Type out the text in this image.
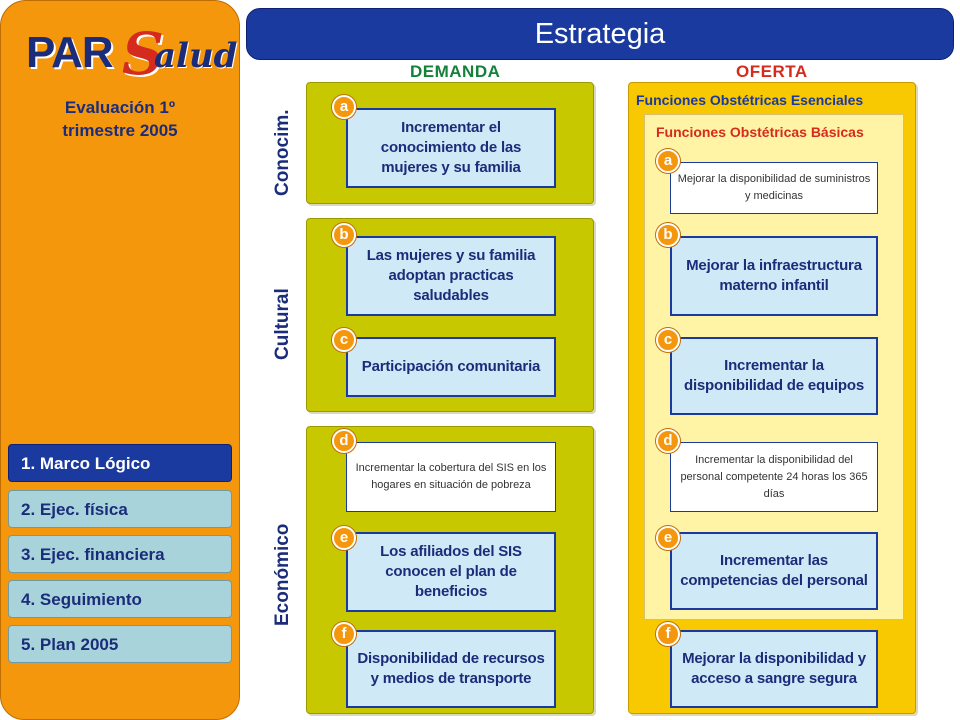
PAR S
alud
Evaluación 1º
trimestre 2005
1. Marco Lógico
2. Ejec. física
3. Ejec. financiera
4. Seguimiento
5. Plan 2005
Estrategia
DEMANDA	OFERTA
Conocim.
Cultural
Económico
Incrementar el conocimiento de las mujeres y su familia
a
Las mujeres y su familia adoptan practicas saludables
b
Participación comunitaria
c
Incrementar la cobertura del SIS en los hogares en situación de pobreza
d
Los afiliados del SIS conocen el plan de beneficios
e
Disponibilidad de recursos y medios de transporte
f
Funciones Obstétricas Esenciales
Funciones Obstétricas Básicas
Mejorar la disponibilidad de suministros y medicinas
a
Mejorar la infraestructura materno infantil
b
Incrementar la disponibilidad de equipos
c
Incrementar la disponibilidad del personal competente 24 horas los 365 días
d
Incrementar las competencias del personal
e
Mejorar la disponibilidad y acceso a sangre segura
f
